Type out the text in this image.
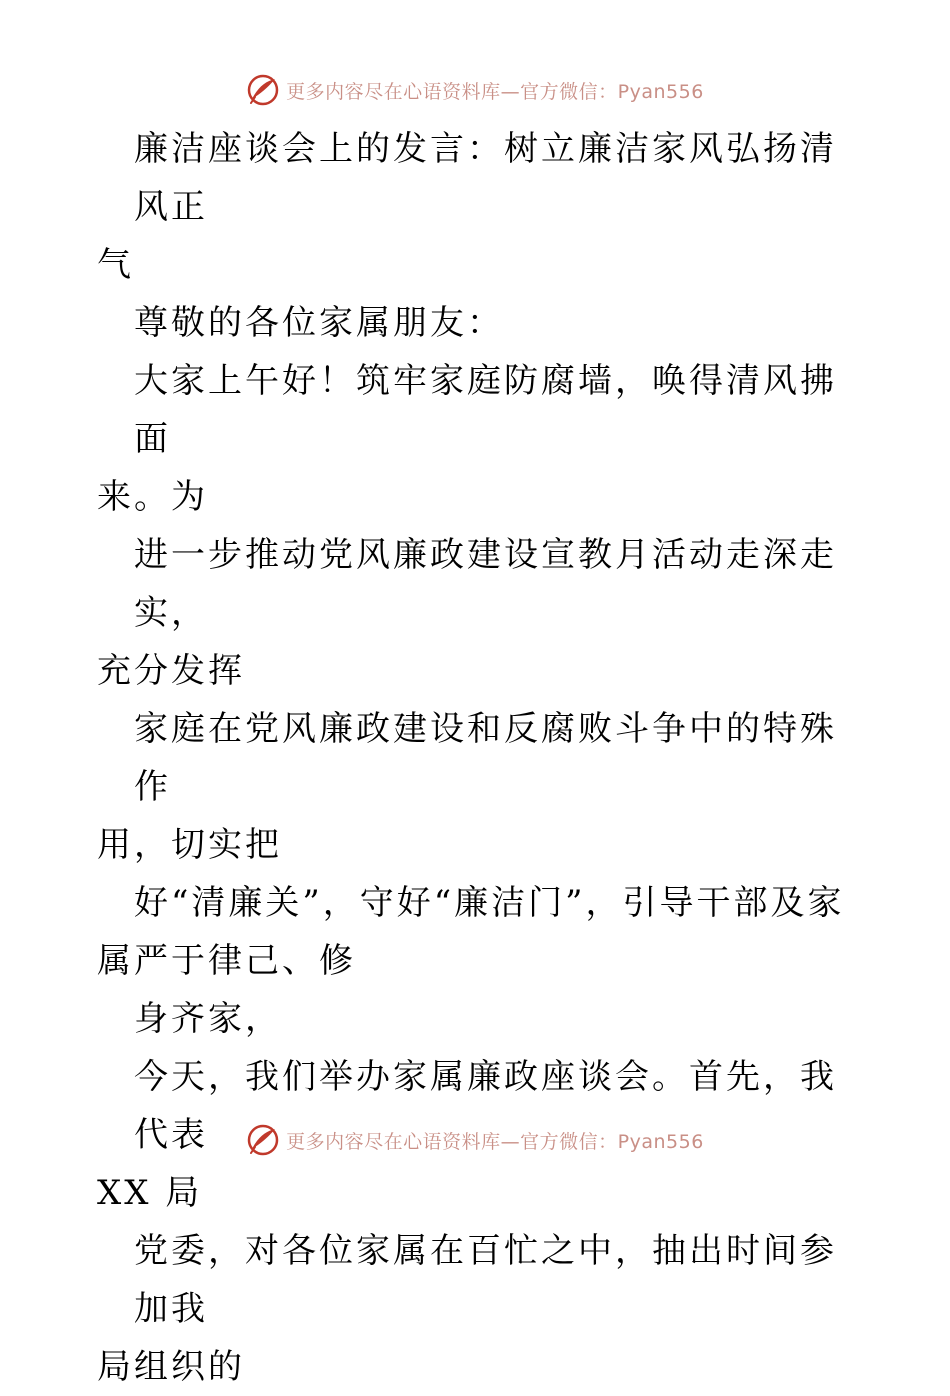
更多内容尽在心语资料库—官方微信：Pyan556

廉洁座谈会上的发言：树立廉洁家风弘扬清风正

气

尊敬的各位家属朋友：

大家上午好！筑牢家庭防腐墙，唤得清风拂面

来。为

进一步推动党风廉政建设宣教月活动走深走实，

充分发挥

家庭在党风廉政建设和反腐败斗争中的特殊作

用，切实把

好“清廉关”，守好“廉洁门”，引导干部及家

属严于律己、修

身齐家，

今天，我们举办家属廉政座谈会。首先，我代表

XX 局

党委，对各位家属在百忙之中，抽出时间参加我

局组织的

更多内容尽在心语资料库—官方微信：Pyan556
